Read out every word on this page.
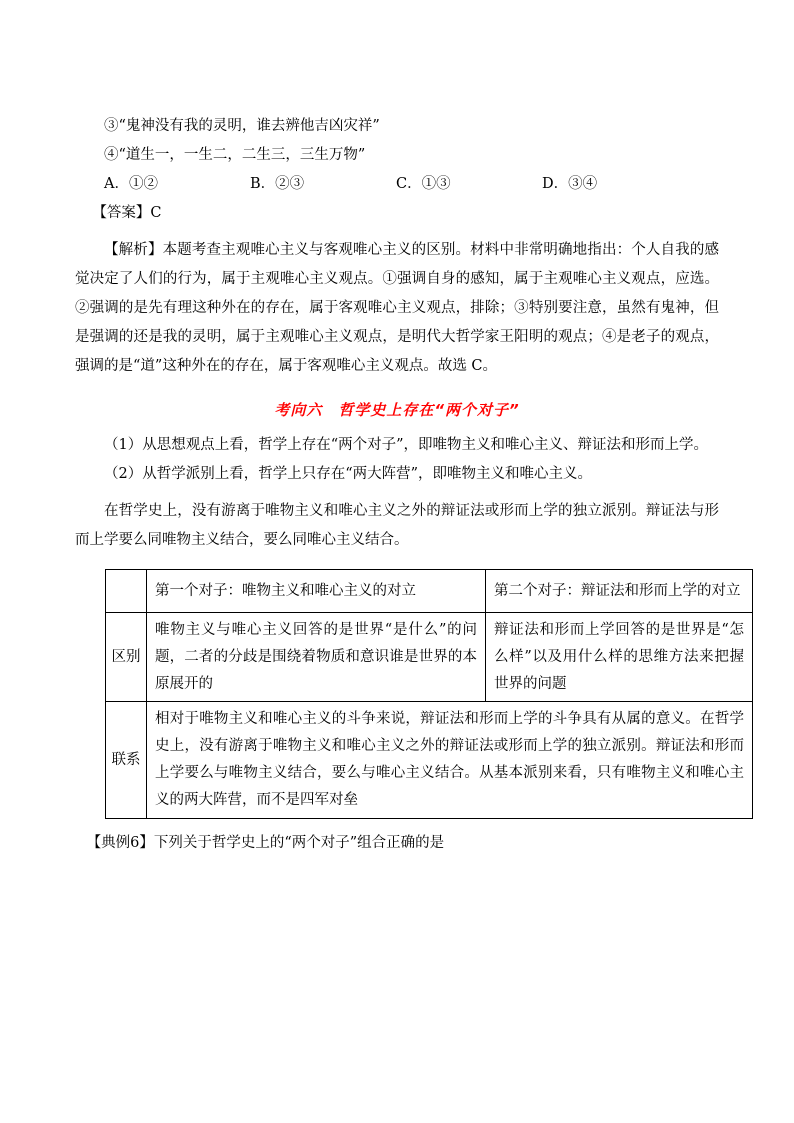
③“鬼神没有我的灵明，谁去辨他吉凶灾祥”
④“道生一，一生二，二生三，三生万物”
A．①②	B．②③	C．①③	D．③④
【答案】C

【解析】本题考查主观唯心主义与客观唯心主义的区别。材料中非常明确地指出：个人自我的感觉决定了人们的行为，属于主观唯心主义观点。①强调自身的感知，属于主观唯心主义观点，应选。②强调的是先有理这种外在的存在，属于客观唯心主义观点，排除；③特别要注意，虽然有鬼神，但是强调的还是我的灵明，属于主观唯心主义观点，是明代大哲学家王阳明的观点；④是老子的观点，强调的是“道”这种外在的存在，属于客观唯心主义观点。故选 C。

考向六　哲学史上存在“两个对子”
（1）从思想观点上看，哲学上存在“两个对子”，即唯物主义和唯心主义、辩证法和形而上学。
（2）从哲学派别上看，哲学上只存在“两大阵营”，即唯物主义和唯心主义。

在哲学史上，没有游离于唯物主义和唯心主义之外的辩证法或形而上学的独立派别。辩证法与形而上学要么同唯物主义结合，要么同唯心主义结合。

	第一个对子：唯物主义和唯心主义的对立	第二个对子：辩证法和形而上学的对立
区别	唯物主义与唯心主义回答的是世界“是什么”的问题，二者的分歧是围绕着物质和意识谁是世界的本原展开的	辩证法和形而上学回答的是世界是“怎么样”以及用什么样的思维方法来把握世界的问题
联系	相对于唯物主义和唯心主义的斗争来说，辩证法和形而上学的斗争具有从属的意义。在哲学史上，没有游离于唯物主义和唯心主义之外的辩证法或形而上学的独立派别。辩证法和形而上学要么与唯物主义结合，要么与唯心主义结合。从基本派别来看，只有唯物主义和唯心主义的两大阵营，而不是四军对垒	
【典例6】下列关于哲学史上的“两个对子”组合正确的是
